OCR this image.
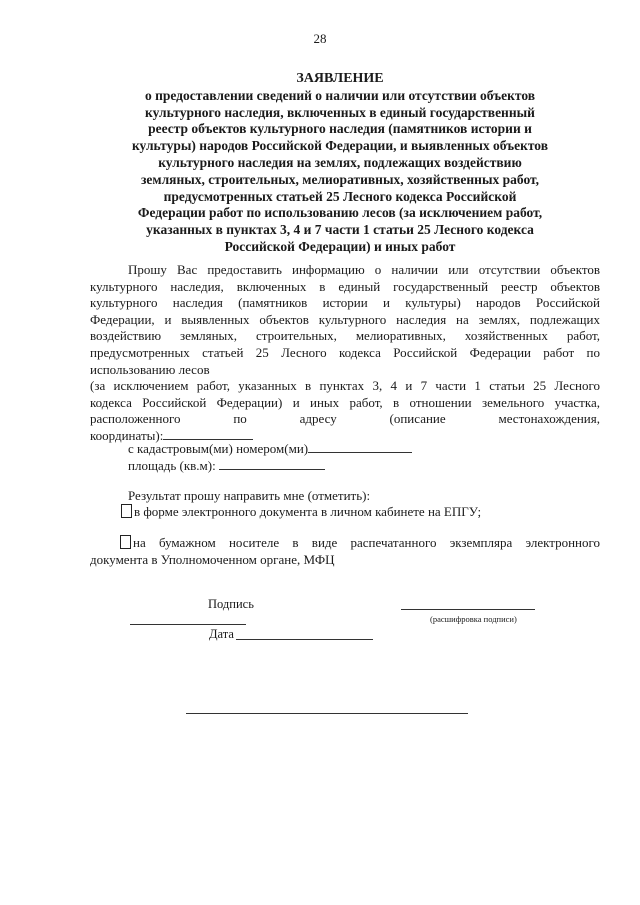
28
ЗАЯВЛЕНИЕ
о предоставлении сведений о наличии или отсутствии объектов
культурного наследия, включенных в единый государственный
реестр объектов культурного наследия (памятников истории и
культуры) народов Российской Федерации, и выявленных объектов
культурного наследия на землях, подлежащих воздействию
земляных, строительных, мелиоративных, хозяйственных работ,
предусмотренных статьей 25 Лесного кодекса Российской
Федерации работ по использованию лесов (за исключением работ,
указанных в пунктах 3, 4 и 7 части 1 статьи 25 Лесного кодекса
Российской Федерации) и иных работ
Прошу Вас предоставить информацию о наличии или отсутствии объектов
культурного наследия, включенных в единый государственный реестр объектов
культурного наследия (памятников истории и культуры) народов Российской
Федерации, и выявленных объектов культурного наследия на землях, подлежащих
воздействию земляных, строительных, мелиоративных, хозяйственных работ,
предусмотренных статьей 25 Лесного кодекса Российской Федерации работ по
использованию лесов
(за исключением работ, указанных в пунктах 3, 4 и 7 части 1 статьи 25 Лесного
кодекса Российской Федерации) и иных работ, в отношении земельного участка,
расположенного по адресу (описание местонахождения,
координаты):
с кадастровым(ми) номером(ми)
площадь (кв.м):
Результат прошу направить мне (отметить):
в форме электронного документа в личном кабинете на ЕПГУ;
на бумажном носителе в виде распечатанного экземпляра электронного
документа в Уполномоченном органе, МФЦ
Подпись
(расшифровка подписи)
Дата
